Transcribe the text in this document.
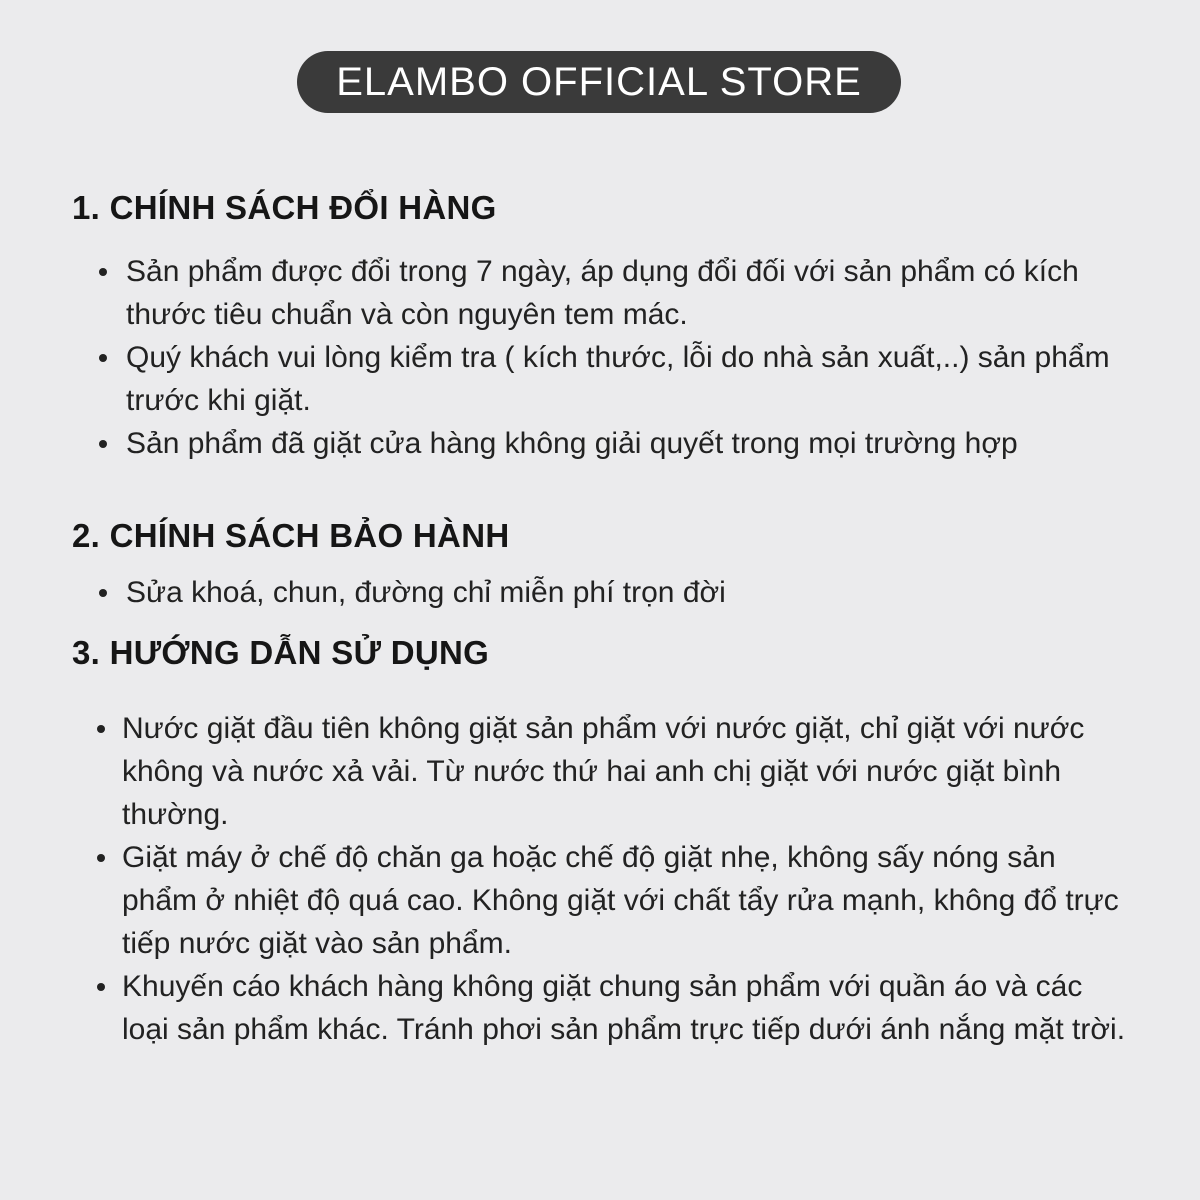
ELAMBO OFFICIAL STORE
1. CHÍNH SÁCH ĐỔI HÀNG
Sản phẩm được đổi trong 7 ngày, áp dụng đổi đối với sản phẩm có kích thước tiêu chuẩn và còn nguyên tem mác.
Quý khách vui lòng kiểm tra ( kích thước, lỗi do nhà sản xuất,..) sản phẩm trước khi giặt.
Sản phẩm đã giặt cửa hàng không giải quyết trong mọi trường hợp
2. CHÍNH SÁCH BẢO HÀNH
Sửa khoá, chun, đường chỉ miễn phí trọn đời
3. HƯỚNG DẪN SỬ DỤNG
Nước giặt đầu tiên không giặt sản phẩm với nước giặt, chỉ giặt với nước không và nước xả vải. Từ nước thứ hai anh chị giặt với nước giặt bình thường.
Giặt máy ở chế độ chăn ga hoặc chế độ giặt nhẹ, không sấy nóng sản phẩm ở nhiệt độ quá cao. Không giặt với chất tẩy rửa mạnh, không đổ trực tiếp nước giặt vào sản phẩm.
Khuyến cáo khách hàng không giặt chung sản phẩm với quần áo và các loại sản phẩm khác. Tránh phơi sản phẩm trực tiếp dưới ánh nắng mặt trời.
